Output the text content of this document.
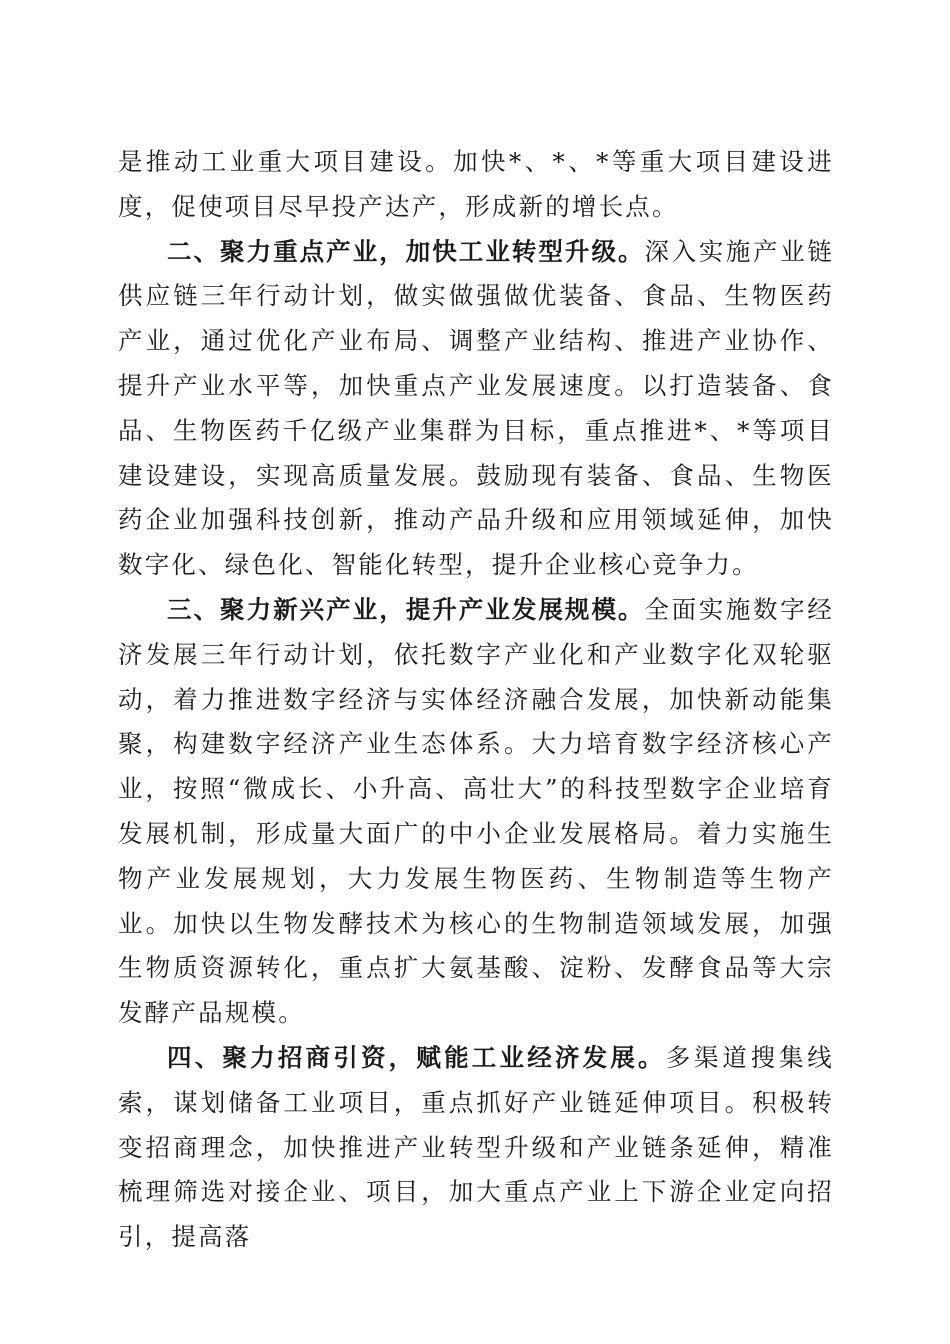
是推动工业重大项目建设。加快*、*、*等重大项目建设进度，促使项目尽早投产达产，形成新的增长点。

二、聚力重点产业，加快工业转型升级。深入实施产业链供应链三年行动计划，做实做强做优装备、食品、生物医药产业，通过优化产业布局、调整产业结构、推进产业协作、提升产业水平等，加快重点产业发展速度。以打造装备、食品、生物医药千亿级产业集群为目标，重点推进*、*等项目建设建设，实现高质量发展。鼓励现有装备、食品、生物医药企业加强科技创新，推动产品升级和应用领域延伸，加快数字化、绿色化、智能化转型，提升企业核心竞争力。

三、聚力新兴产业，提升产业发展规模。全面实施数字经济发展三年行动计划，依托数字产业化和产业数字化双轮驱动，着力推进数字经济与实体经济融合发展，加快新动能集聚，构建数字经济产业生态体系。大力培育数字经济核心产业，按照“微成长、小升高、高壮大”的科技型数字企业培育发展机制，形成量大面广的中小企业发展格局。着力实施生物产业发展规划，大力发展生物医药、生物制造等生物产业。加快以生物发酵技术为核心的生物制造领域发展，加强生物质资源转化，重点扩大氨基酸、淀粉、发酵食品等大宗发酵产品规模。

四、聚力招商引资，赋能工业经济发展。多渠道搜集线索，谋划储备工业项目，重点抓好产业链延伸项目。积极转变招商理念，加快推进产业转型升级和产业链条延伸，精准梳理筛选对接企业、项目，加大重点产业上下游企业定向招引，提高落
